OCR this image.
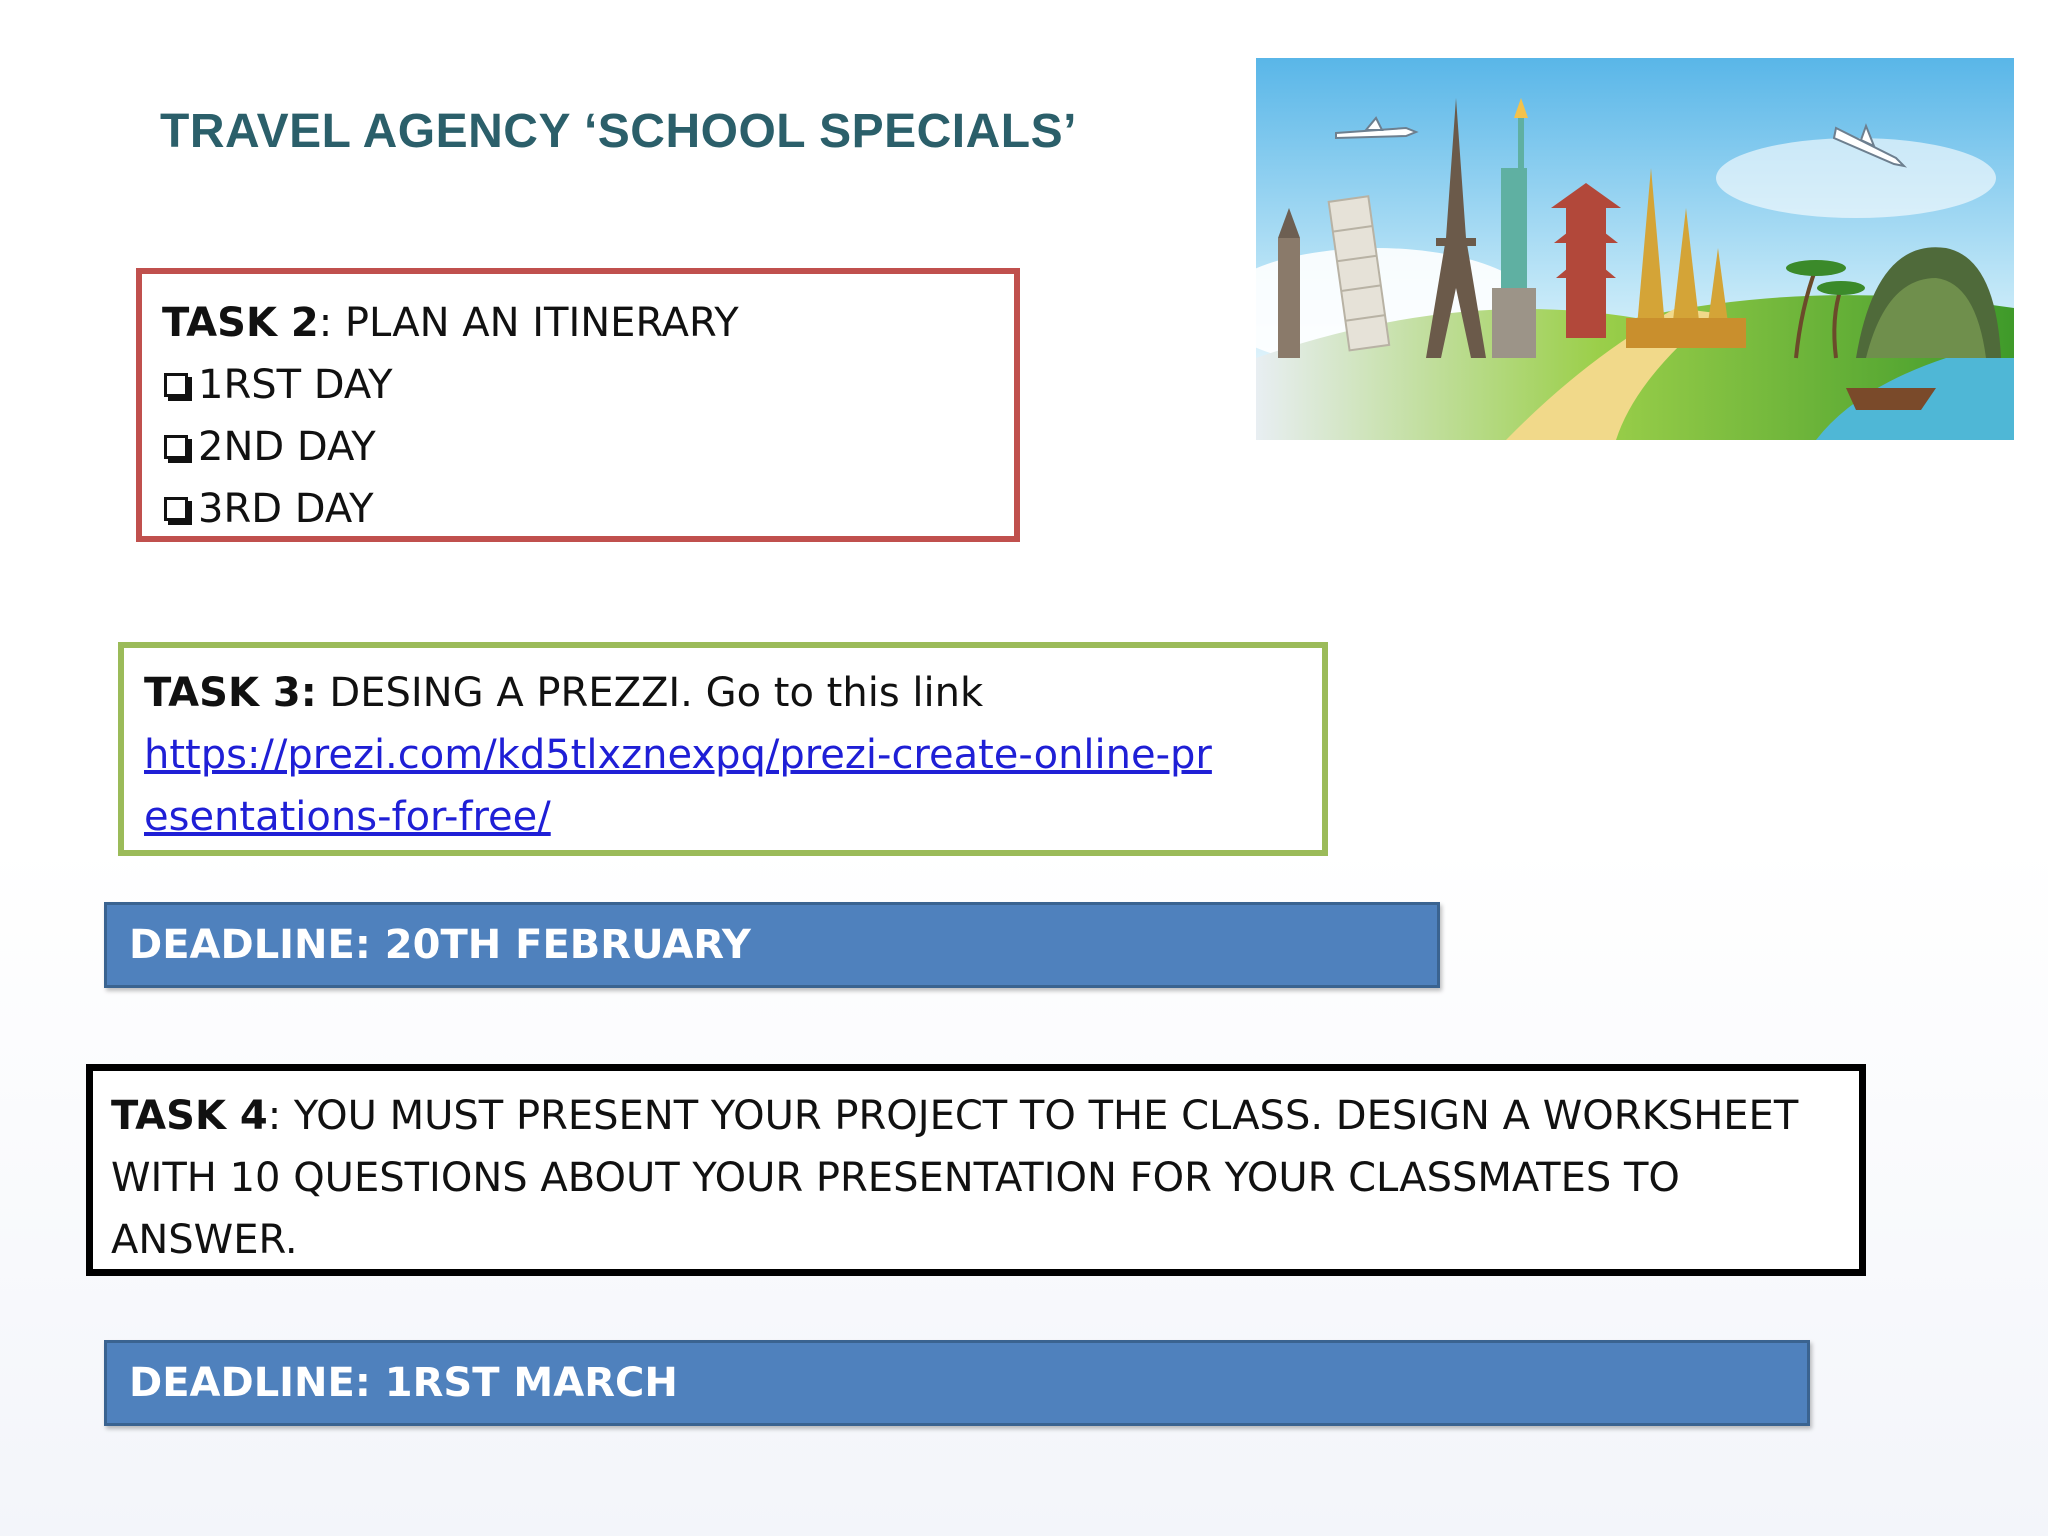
TRAVEL AGENCY ‘SCHOOL SPECIALS’
TASK 2: PLAN AN ITINERARY
1RST DAY
2ND DAY
3RD DAY
TASK 3: DESING A PREZZI. Go to this link
https://prezi.com/kd5tlxznexpq/prezi-create-online-presentations-for-free/
DEADLINE: 20TH FEBRUARY
TASK 4: YOU MUST PRESENT YOUR PROJECT TO THE CLASS. DESIGN A WORKSHEET WITH 10 QUESTIONS ABOUT YOUR PRESENTATION FOR YOUR CLASSMATES TO ANSWER.
DEADLINE: 1RST MARCH
